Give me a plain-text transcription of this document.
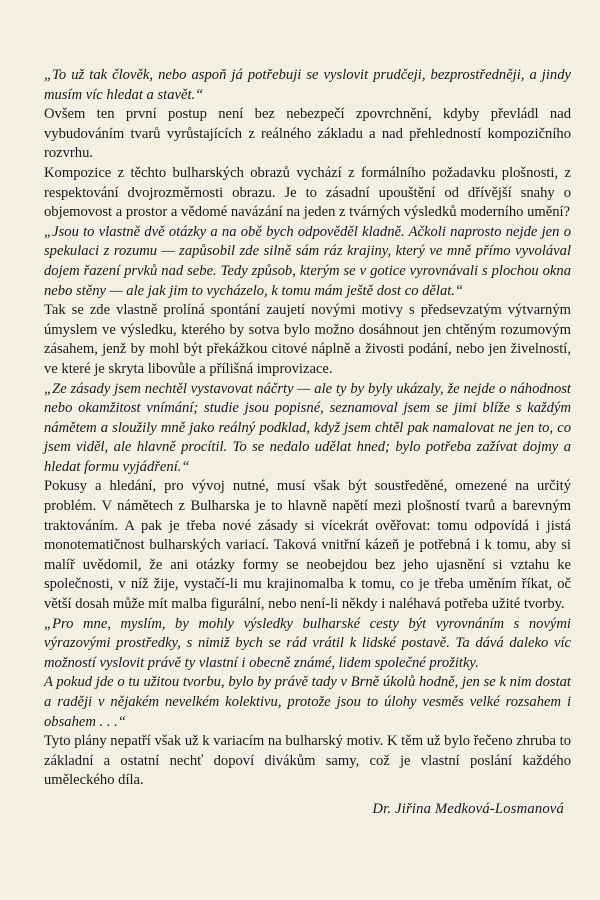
„To už tak člověk, nebo aspoň já potřebuji se vyslovit prudčeji, bezprostředněji, a jindy musím víc hledat a stavět.“

Ovšem ten první postup není bez nebezpečí zpovrchnění, kdyby převládl nad vybudováním tvarů vyrůstajících z reálného základu a nad přehledností kompozičního rozvrhu.

Kompozice z těchto bulharských obrazů vychází z formálního požadavku plošnosti, z respektování dvojrozměrnosti obrazu. Je to zásadní upouštění od dřívější snahy o objemovost a prostor a vědomé navázání na jeden z tvárných výsledků moderního umění?

„Jsou to vlastně dvě otázky a na obě bych odpověděl kladně. Ačkoli naprosto nejde jen o spekulaci z rozumu — zapůsobil zde silně sám ráz krajiny, který ve mně přímo vyvolával dojem řazení prvků nad sebe. Tedy způsob, kterým se v gotice vyrovnávali s plochou okna nebo stěny — ale jak jim to vycházelo, k tomu mám ještě dost co dělat.“

Tak se zde vlastně prolíná spontání zaujetí novými motivy s předsevzatým výtvarným úmyslem ve výsledku, kterého by sotva bylo možno dosáhnout jen chtěným rozumovým zásahem, jenž by mohl být překážkou citové náplně a živosti podání, nebo jen živelností, ve které je skryta libovůle a přílišná improvizace.

„Ze zásady jsem nechtěl vystavovat náčrty — ale ty by byly ukázaly, že nejde o náhodnost nebo okamžitost vnímání; studie jsou popisné, seznamoval jsem se jimi blíže s každým námětem a sloužily mně jako reálný podklad, když jsem chtěl pak namalovat ne jen to, co jsem viděl, ale hlavně procítil. To se nedalo udělat hned; bylo potřeba zažívat dojmy a hledat formu vyjádření.“

Pokusy a hledání, pro vývoj nutné, musí však být soustředěné, omezené na určitý problém. V námětech z Bulharska je to hlavně napětí mezi plošností tvarů a barevným traktováním. A pak je třeba nové zásady si vícekrát ověřovat: tomu odpovídá i jistá monotematičnost bulharských variací. Taková vnitřní kázeň je potřebná i k tomu, aby si malíř uvědomil, že ani otázky formy se neobejdou bez jeho ujasnění si vztahu ke společnosti, v níž žije, vystačí-li mu krajinomalba k tomu, co je třeba uměním říkat, oč větší dosah může mít malba figurální, nebo není-li někdy i naléhavá potřeba užité tvorby.

„Pro mne, myslím, by mohly výsledky bulharské cesty být vyrovnáním s novými výrazovými prostředky, s nimiž bych se rád vrátil k lidské postavě. Ta dává daleko víc možností vyslovit právě ty vlastní i obecně známé, lidem společné prožitky.

A pokud jde o tu užitou tvorbu, bylo by právě tady v Brně úkolů hodně, jen se k nim dostat a raději v nějakém nevelkém kolektivu, protože jsou to úlohy vesměs velké rozsahem i obsahem . . .“

Tyto plány nepatří však už k variacím na bulharský motiv. K těm už bylo řečeno zhruba to základní a ostatní nechť dopoví divákům samy, což je vlastní poslání každého uměleckého díla.

Dr. Jiřina Medková-Losmanová
